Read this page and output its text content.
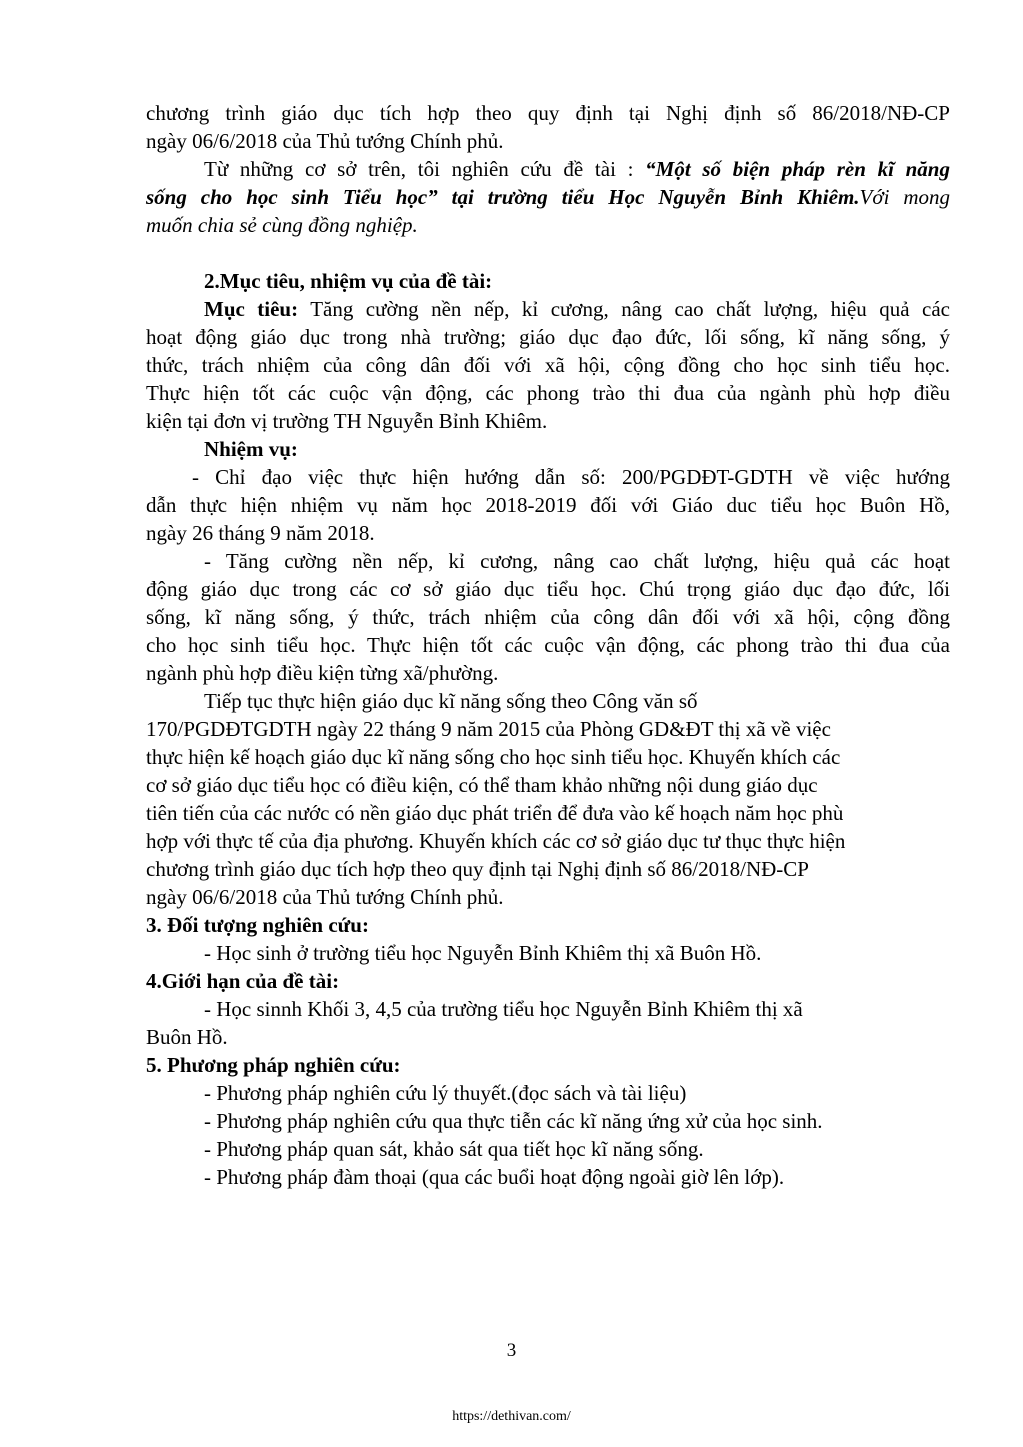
chương trình giáo dục tích hợp theo quy định tại Nghị định số 86/2018/NĐ-CP
ngày 06/6/2018 của Thủ tướng Chính phủ.
Từ những cơ sở trên, tôi nghiên cứu đề tài : “Một số biện pháp rèn kĩ năng
sống cho học sinh Tiểu học” tại trường tiểu Học Nguyễn Bỉnh Khiêm.Với mong
muốn chia sẻ cùng đồng nghiệp.
2.Mục tiêu, nhiệm vụ của đề tài:
Mục tiêu: Tăng cường nền nếp, kỉ cương, nâng cao chất lượng, hiệu quả các
hoạt động giáo dục trong nhà trường; giáo dục đạo đức, lối sống, kĩ năng sống, ý
thức, trách nhiệm của công dân đối với xã hội, cộng đồng cho học sinh tiểu học.
Thực hiện tốt các cuộc vận động, các phong trào thi đua của ngành phù hợp điều
kiện tại đơn vị trường TH Nguyễn Bỉnh Khiêm.
Nhiệm vụ:
- Chỉ đạo việc thực hiện hướng dẫn số: 200/PGDĐT-GDTH về việc hướng
dẫn thực hiện nhiệm vụ năm học 2018-2019 đối với Giáo duc tiểu học Buôn Hồ,
ngày 26 tháng 9 năm 2018.
- Tăng cường nền nếp, kỉ cương, nâng cao chất lượng, hiệu quả các hoạt
động giáo dục trong các cơ sở giáo dục tiểu học. Chú trọng giáo dục đạo đức, lối
sống, kĩ năng sống, ý thức, trách nhiệm của công dân đối với xã hội, cộng đồng
cho học sinh tiểu học. Thực hiện tốt các cuộc vận động, các phong trào thi đua của
ngành phù hợp điều kiện từng xã/phường.
Tiếp tục thực hiện giáo dục kĩ năng sống theo Công văn số
170/PGDĐTGDTH ngày 22 tháng 9 năm 2015 của Phòng GD&ĐT thị xã về việc
thực hiện kế hoạch giáo dục kĩ năng sống cho học sinh tiểu học. Khuyến khích các
cơ sở giáo dục tiểu học có điều kiện, có thể tham khảo những nội dung giáo dục
tiên tiến của các nước có nền giáo dục phát triển để đưa vào kế hoạch năm học phù
hợp với thực tế của địa phương. Khuyến khích các cơ sở giáo dục tư thục thực hiện
chương trình giáo dục tích hợp theo quy định tại Nghị định số 86/2018/NĐ-CP
ngày 06/6/2018 của Thủ tướng Chính phủ.
3. Đối tượng nghiên cứu:
- Học sinh ở trường tiểu học Nguyễn Bỉnh Khiêm thị xã Buôn Hồ.
4.Giới hạn của đề tài:
- Học sinnh Khối 3, 4,5 của trường tiểu học Nguyễn Bỉnh Khiêm thị xã
Buôn Hồ.
5. Phương pháp nghiên cứu:
- Phương pháp nghiên cứu lý thuyết.(đọc sách và tài liệu)
- Phương pháp nghiên cứu qua thực tiễn các kĩ năng ứng xử của học sinh.
- Phương pháp quan sát, khảo sát qua tiết học kĩ năng sống.
- Phương pháp đàm thoại (qua các buổi hoạt động ngoài giờ lên lớp).
3
https://dethivan.com/
